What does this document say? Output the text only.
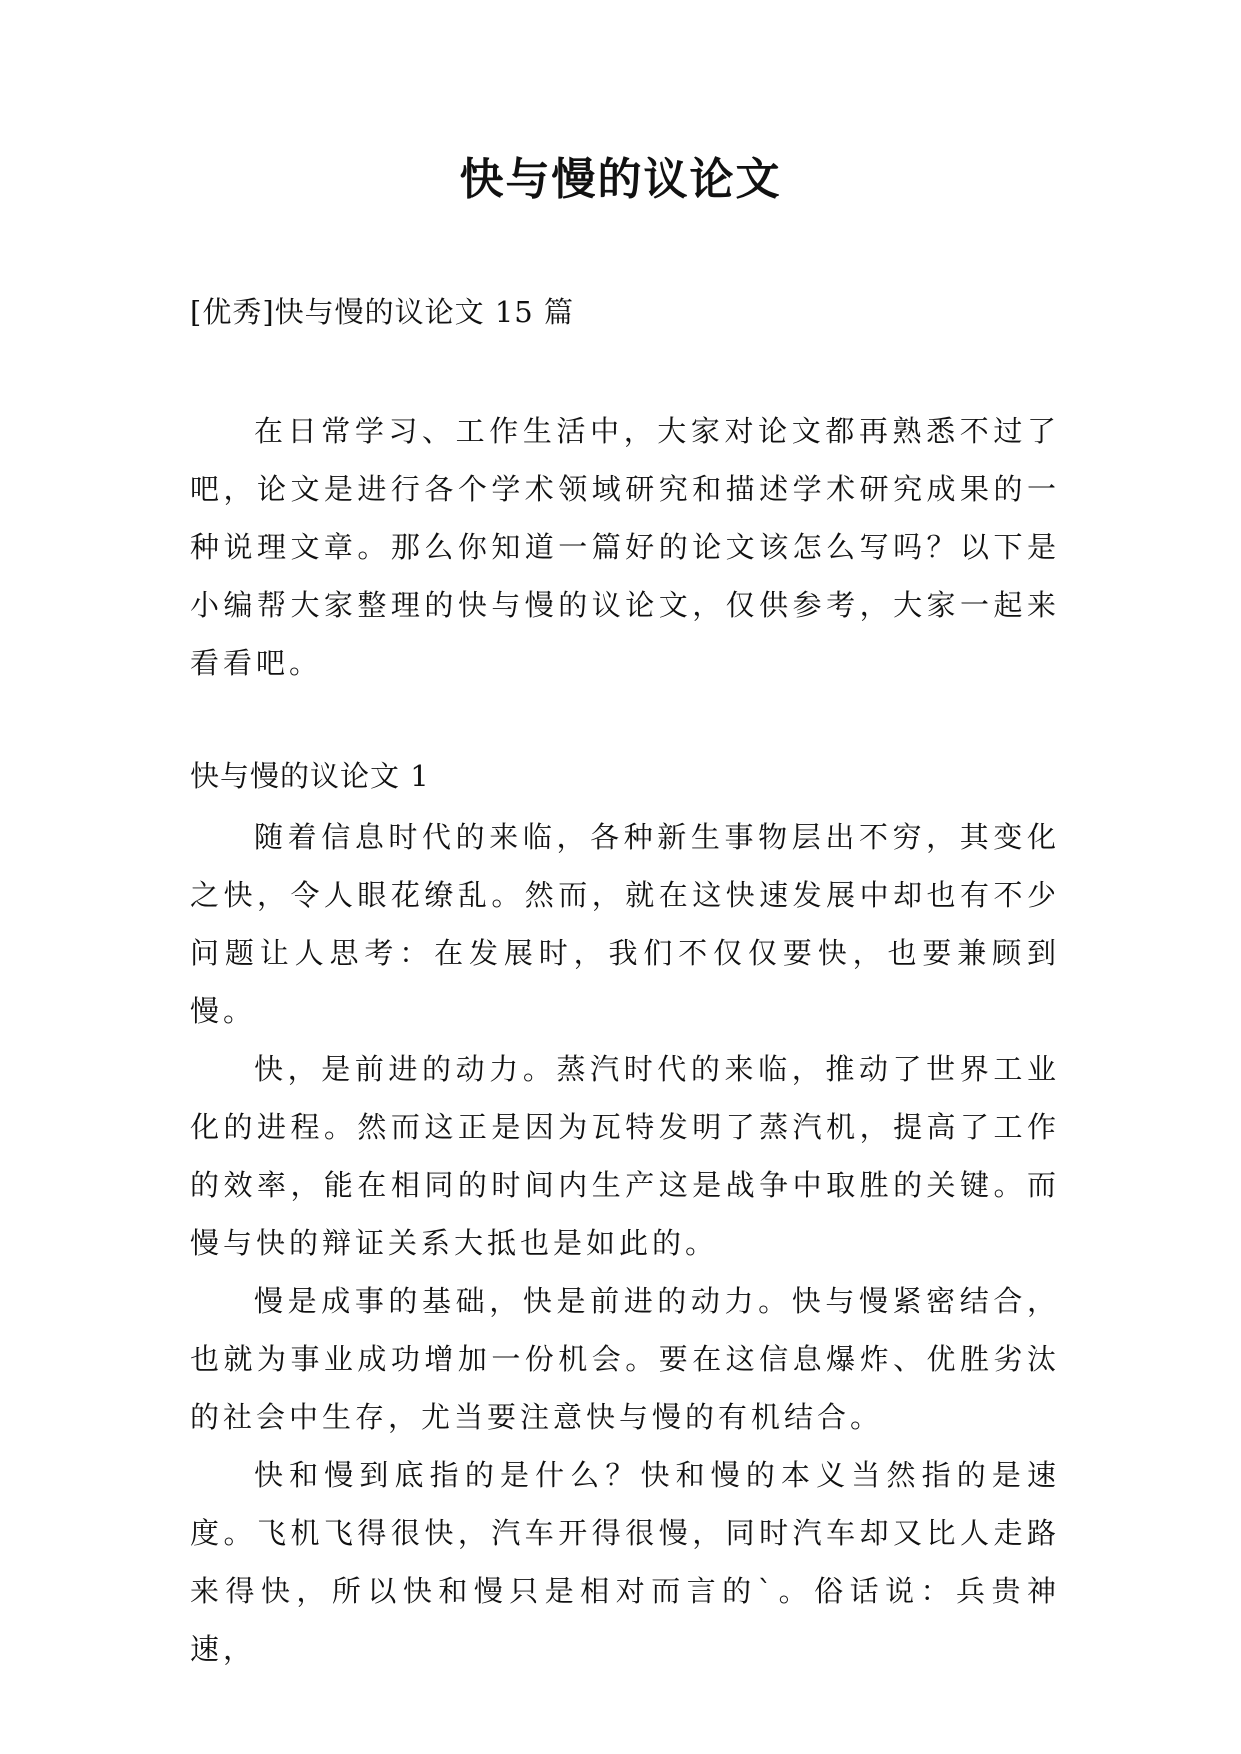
快与慢的议论文

[优秀]快与慢的议论文 15 篇

在日常学习、工作生活中，大家对论文都再熟悉不过了吧，论文是进行各个学术领域研究和描述学术研究成果的一种说理文章。那么你知道一篇好的论文该怎么写吗？以下是小编帮大家整理的快与慢的议论文，仅供参考，大家一起来看看吧。

快与慢的议论文 1

随着信息时代的来临，各种新生事物层出不穷，其变化之快，令人眼花缭乱。然而，就在这快速发展中却也有不少问题让人思考：在发展时，我们不仅仅要快，也要兼顾到慢。

快，是前进的动力。蒸汽时代的来临，推动了世界工业化的进程。然而这正是因为瓦特发明了蒸汽机，提高了工作的效率，能在相同的时间内生产这是战争中取胜的关键。而慢与快的辩证关系大抵也是如此的。

慢是成事的基础，快是前进的动力。快与慢紧密结合，也就为事业成功增加一份机会。要在这信息爆炸、优胜劣汰的社会中生存，尤当要注意快与慢的有机结合。

快和慢到底指的是什么？快和慢的本义当然指的是速度。飞机飞得很快，汽车开得很慢，同时汽车却又比人走路来得快，所以快和慢只是相对而言的`。俗话说：兵贵神速，
